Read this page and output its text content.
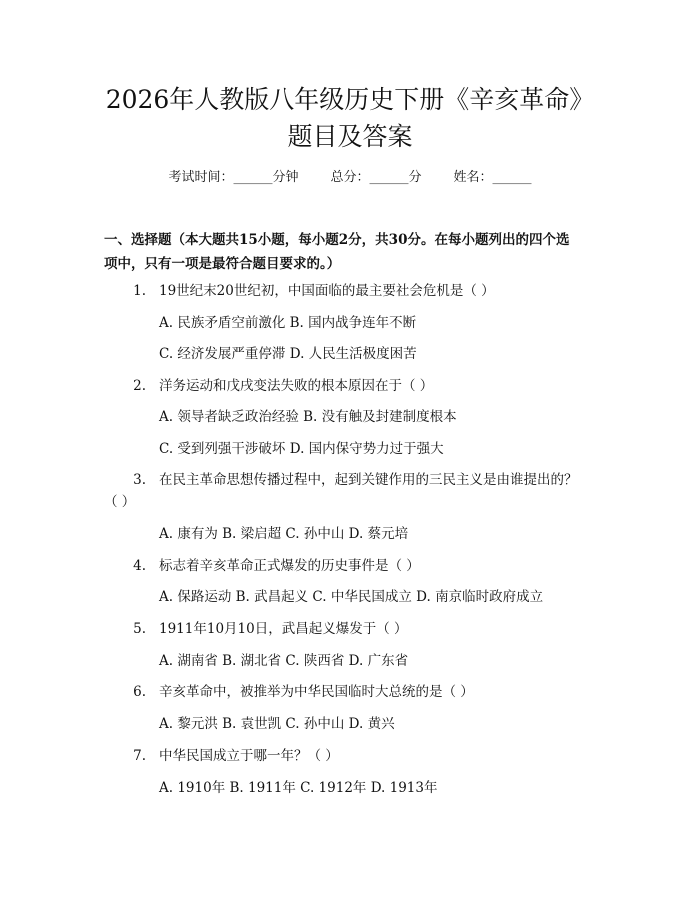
2026年人教版八年级历史下册《辛亥革命》
题目及答案
考试时间：______分钟 总分：______分 姓名：______
一、选择题（本大题共15小题，每小题2分，共30分。在每小题列出的四个选
项中，只有一项是最符合题目要求的。）
1. 19世纪末20世纪初，中国面临的最主要社会危机是（ ）
A. 民族矛盾空前激化 B. 国内战争连年不断
C. 经济发展严重停滞 D. 人民生活极度困苦
2. 洋务运动和戊戌变法失败的根本原因在于（ ）
A. 领导者缺乏政治经验 B. 没有触及封建制度根本
C. 受到列强干涉破坏 D. 国内保守势力过于强大
3. 在民主革命思想传播过程中，起到关键作用的三民主义是由谁提出的？
（ ）
A. 康有为 B. 梁启超 C. 孙中山 D. 蔡元培
4. 标志着辛亥革命正式爆发的历史事件是（ ）
A. 保路运动 B. 武昌起义 C. 中华民国成立 D. 南京临时政府成立
5. 1911年10月10日，武昌起义爆发于（ ）
A. 湖南省 B. 湖北省 C. 陕西省 D. 广东省
6. 辛亥革命中，被推举为中华民国临时大总统的是（ ）
A. 黎元洪 B. 袁世凯 C. 孙中山 D. 黄兴
7. 中华民国成立于哪一年？（ ）
A. 1910年 B. 1911年 C. 1912年 D. 1913年
